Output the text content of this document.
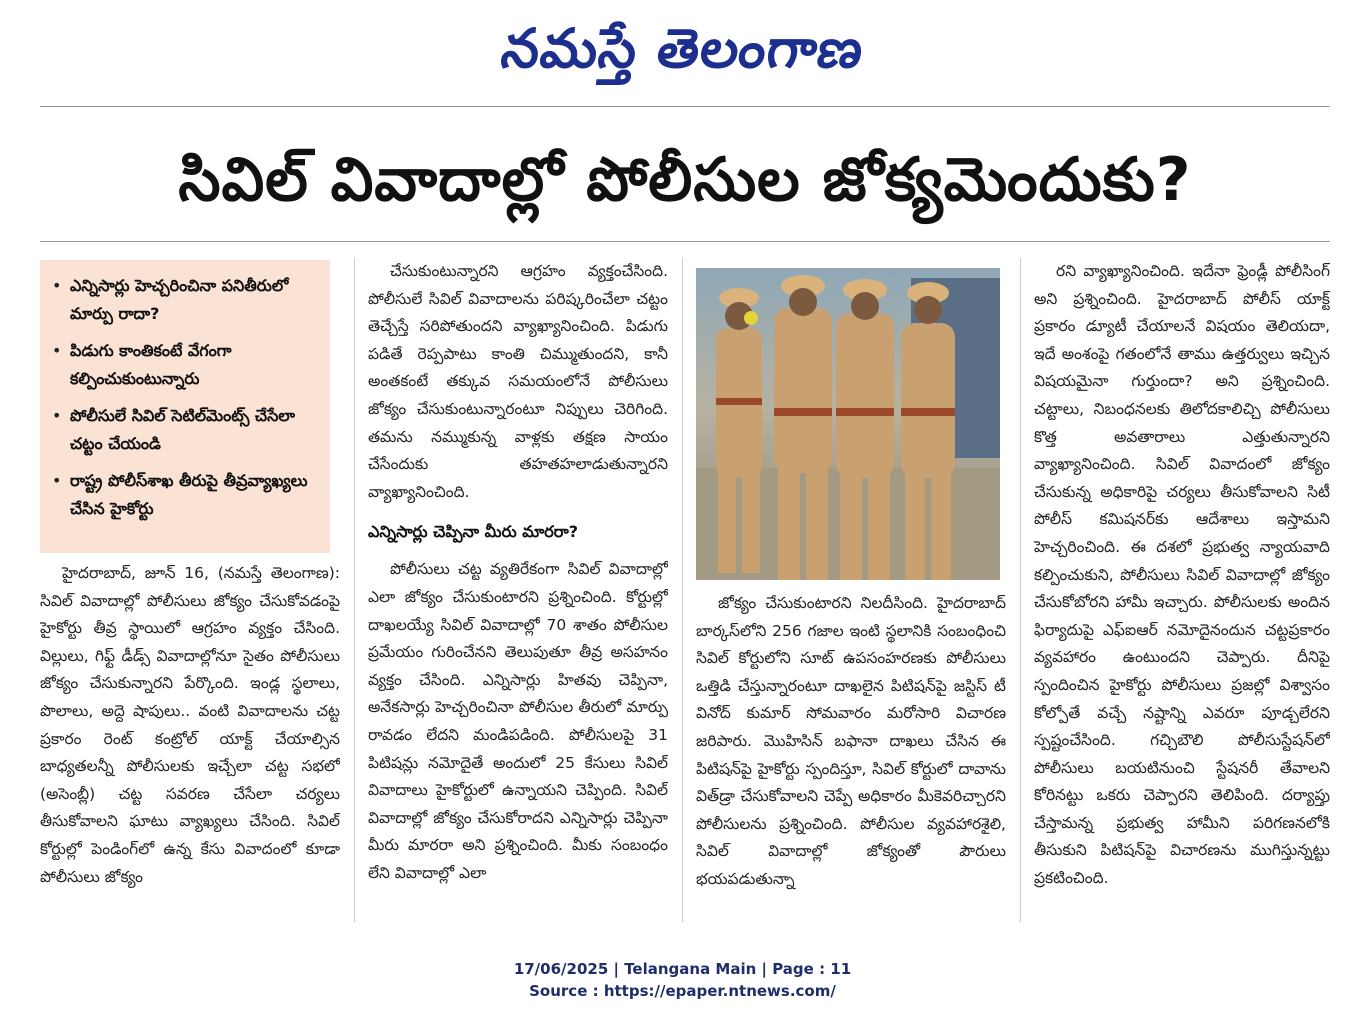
నమస్తే తెలంగాణ
సివిల్ వివాదాల్లో పోలీసుల జోక్యమెందుకు?
• ఎన్నిసార్లు హెచ్చరించినా పనితీరులో మార్పు రాదా?
• పిడుగు కాంతికంటే వేగంగా కల్పించుకుంటున్నారు
• పోలీసులే సివిల్ సెటిల్‌మెంట్స్ చేసేలా చట్టం చేయండి
• రాష్ట్ర పోలీస్‌శాఖ తీరుపై తీవ్రవ్యాఖ్యలు చేసిన హైకోర్టు

హైదరాబాద్, జూన్ 16, (నమస్తే తెలంగాణ): సివిల్ వివాదాల్లో పోలీసులు జోక్యం చేసుకోవడంపై హైకోర్టు తీవ్ర స్థాయిలో ఆగ్రహం వ్యక్తం చేసింది. విల్లులు, గిఫ్ట్ డీడ్స్ వివాదాల్లోనూ సైతం పోలీసులు జోక్యం చేసుకున్నారని పేర్కొంది. ఇండ్ల స్థలాలు, పొలాలు, అద్దె షాపులు.. వంటి వివాదాలను చట్ట ప్రకారం రెంట్ కంట్రోల్ యాక్ట్ చేయాల్సిన బాధ్యతలన్నీ పోలీసులకు ఇచ్చేలా చట్ట సభలో (అసెంబ్లీ) చట్ట సవరణ చేసేలా చర్యలు తీసుకోవాలని ఘాటు వ్యాఖ్యలు చేసింది. సివిల్ కోర్టుల్లో పెండింగ్‌లో ఉన్న కేసు వివాదంలో కూడా పోలీసులు జోక్యం

చేసుకుంటున్నారని ఆగ్రహం వ్యక్తంచేసింది. పోలీసులే సివిల్ వివాదాలను పరిష్కరించేలా చట్టం తెచ్చేస్తే సరిపోతుందని వ్యాఖ్యానించింది. పిడుగు పడితే రెప్పపాటు కాంతి చిమ్ముతుందని, కానీ అంతకంటే తక్కువ సమయంలోనే పోలీసులు జోక్యం చేసుకుంటున్నారంటూ నిప్పులు చెరిగింది. తమను నమ్ముకున్న వాళ్లకు తక్షణ సాయం చేసేందుకు తహతహలాడుతున్నారని వ్యాఖ్యానించింది.

ఎన్నిసార్లు చెప్పినా మీరు మారరా?

పోలీసులు చట్ట వ్యతిరేకంగా సివిల్ వివాదాల్లో ఎలా జోక్యం చేసుకుంటారని ప్రశ్నించింది. కోర్టుల్లో దాఖలయ్యే సివిల్ వివాదాల్లో 70 శాతం పోలీసుల ప్రమేయం గురించేనని తెలుపుతూ తీవ్ర అసహనం వ్యక్తం చేసింది. ఎన్నిసార్లు హితవు చెప్పినా, అనేకసార్లు హెచ్చరించినా పోలీసుల తీరులో మార్పు రావడం లేదని మండిపడింది. పోలీసులపై 31 పిటిషన్లు నమోదైతే అందులో 25 కేసులు సివిల్ వివాదాలు హైకోర్టులో ఉన్నాయని చెప్పింది. సివిల్ వివాదాల్లో జోక్యం చేసుకోరాదని ఎన్నిసార్లు చెప్పినా మీరు మారరా అని ప్రశ్నించింది. మీకు సంబంధం లేని వివాదాల్లో ఎలా

జోక్యం చేసుకుంటారని నిలదీసింది. హైదరాబాద్ బార్కస్‌లోని 256 గజాల ఇంటి స్థలానికి సంబంధించి సివిల్ కోర్టులోని సూట్ ఉపసంహరణకు పోలీసులు ఒత్తిడి చేస్తున్నారంటూ దాఖలైన పిటిషన్‌పై జస్టిస్ టీ వినోద్ కుమార్ సోమవారం మరోసారి విచారణ జరిపారు. మొహిసిన్ బఫానా దాఖలు చేసిన ఈ పిటిషన్‌పై హైకోర్టు స్పందిస్తూ, సివిల్ కోర్టులో దావాను విత్‌డ్రా చేసుకోవాలని చెప్పే అధికారం మీకెవరిచ్చారని పోలీసులను ప్రశ్నించింది. పోలీసుల వ్యవహారశైలి, సివిల్ వివాదాల్లో జోక్యంతో పౌరులు భయపడుతున్నా

రని వ్యాఖ్యానించింది. ఇదేనా ఫ్రెండ్లీ పోలీసింగ్ అని ప్రశ్నించింది. హైదరాబాద్ పోలీస్ యాక్ట్ ప్రకారం డ్యూటీ చేయాలనే విషయం తెలియదా, ఇదే అంశంపై గతంలోనే తాము ఉత్తర్వులు ఇచ్చిన విషయమైనా గుర్తుందా? అని ప్రశ్నించింది. చట్టాలు, నిబంధనలకు తిలోదకాలిచ్చి పోలీసులు కొత్త అవతారాలు ఎత్తుతున్నారని వ్యాఖ్యానించింది. సివిల్ వివాదంలో జోక్యం చేసుకున్న అధికారిపై చర్యలు తీసుకోవాలని సిటీ పోలీస్ కమిషనర్‌కు ఆదేశాలు ఇస్తామని హెచ్చరించింది. ఈ దశలో ప్రభుత్వ న్యాయవాది కల్పించుకుని, పోలీసులు సివిల్ వివాదాల్లో జోక్యం చేసుకోబోరని హామీ ఇచ్చారు. పోలీసులకు అందిన ఫిర్యాదుపై ఎఫ్ఐఆర్ నమోదైనందున చట్టప్రకారం వ్యవహారం ఉంటుందని చెప్పారు. దీనిపై స్పందించిన హైకోర్టు పోలీసులు ప్రజల్లో విశ్వాసం కోల్పోతే వచ్చే నష్టాన్ని ఎవరూ పూడ్చలేరని స్పష్టంచేసింది. గచ్చిబౌలి పోలీసుస్టేషన్‌లో పోలీసులు బయటినుంచి స్టేషనరీ తేవాలని కోరినట్టు ఒకరు చెప్పారని తెలిపింది. దర్యాప్తు చేస్తామన్న ప్రభుత్వ హామీని పరిగణనలోకి తీసుకుని పిటిషన్‌పై విచారణను ముగిస్తున్నట్టు ప్రకటించింది.

17/06/2025 | Telangana Main | Page : 11
Source : https://epaper.ntnews.com/
